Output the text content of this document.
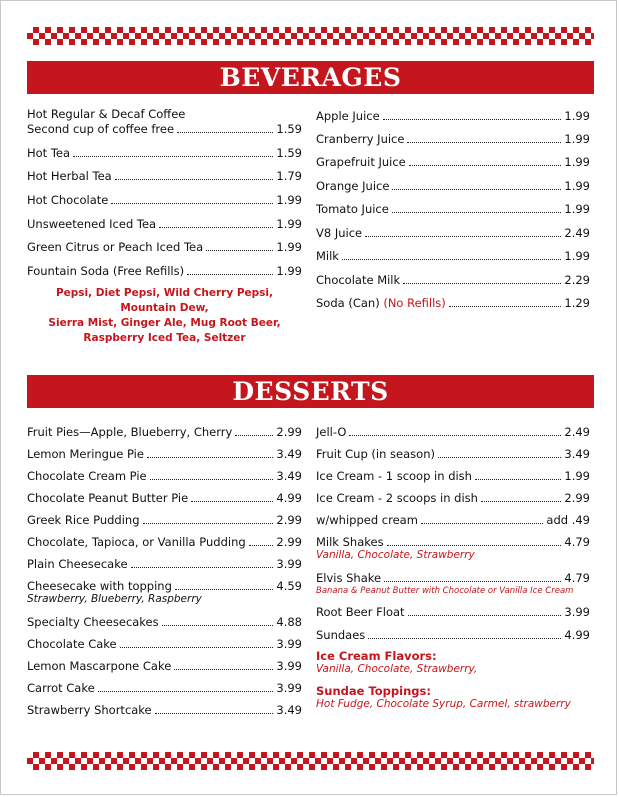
BEVERAGES
Hot Regular & Decaf Coffee
Second cup of coffee free	1.59
Hot Tea	1.59
Hot Herbal Tea	1.79
Hot Chocolate	1.99
Unsweetened Iced Tea	1.99
Green Citrus or Peach Iced Tea	1.99
Fountain Soda (Free Refills)	1.99
Pepsi, Diet Pepsi, Wild Cherry Pepsi, Mountain Dew,
Sierra Mist, Ginger Ale, Mug Root Beer,
Raspberry Iced Tea, Seltzer
Apple Juice	1.99
Cranberry Juice	1.99
Grapefruit Juice	1.99
Orange Juice	1.99
Tomato Juice	1.99
V8 Juice	2.49
Milk	1.99
Chocolate Milk	2.29
Soda (Can) (No Refills)	1.29
DESSERTS
Fruit Pies—Apple, Blueberry, Cherry	2.99
Lemon Meringue Pie	3.49
Chocolate Cream Pie	3.49
Chocolate Peanut Butter Pie	4.99
Greek Rice Pudding	2.99
Chocolate, Tapioca, or Vanilla Pudding	2.99
Plain Cheesecake	3.99
Cheesecake with topping	4.59
Strawberry, Blueberry, Raspberry
Specialty Cheesecakes	4.88
Chocolate Cake	3.99
Lemon Mascarpone Cake	3.99
Carrot Cake	3.99
Strawberry Shortcake	3.49
Jell-O	2.49
Fruit Cup (in season)	3.49
Ice Cream - 1 scoop in dish	1.99
Ice Cream - 2 scoops in dish	2.99
w/whipped cream	add .49
Milk Shakes	4.79
Vanilla, Chocolate, Strawberry
Elvis Shake	4.79
Banana & Peanut Butter with Chocolate or Vanilla Ice Cream
Root Beer Float	3.99
Sundaes	4.99
Ice Cream Flavors:
Vanilla, Chocolate, Strawberry,
Sundae Toppings:
Hot Fudge, Chocolate Syrup, Carmel, strawberry
